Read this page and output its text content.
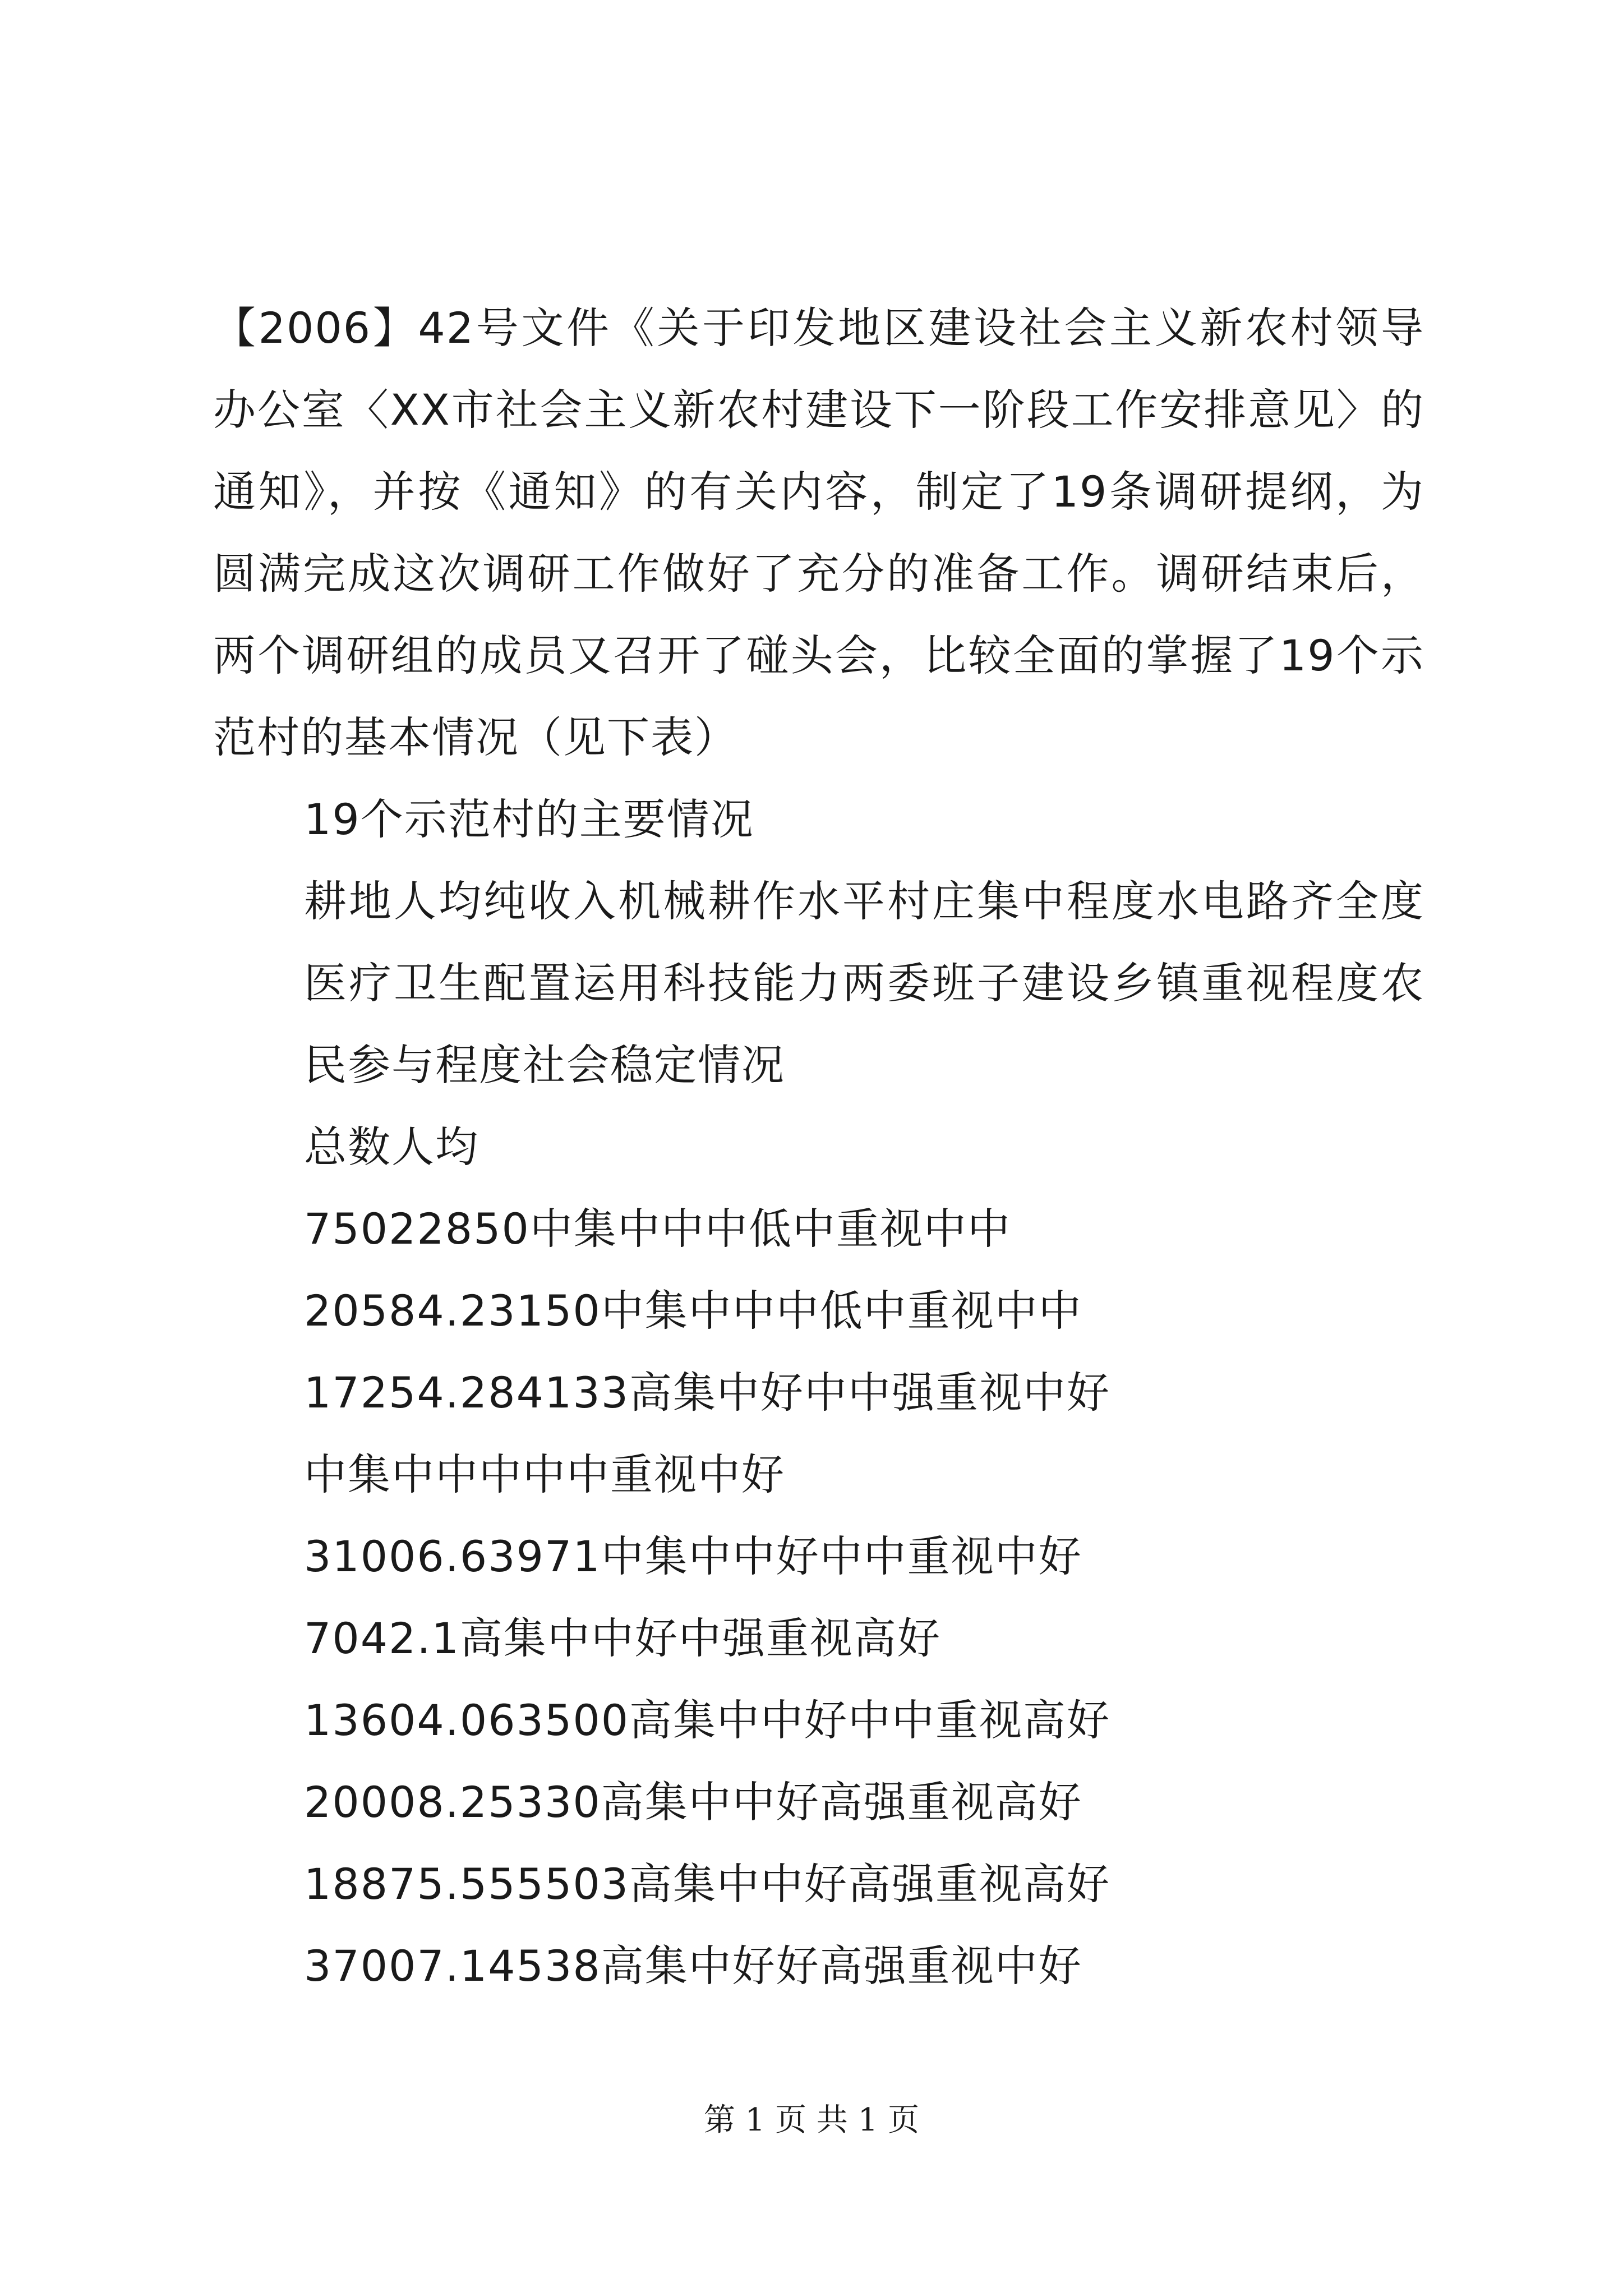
【2006】42号文件《关于印发地区建设社会主义新农村领导办公室〈XX市社会主义新农村建设下一阶段工作安排意见〉的通知》，并按《通知》的有关内容，制定了19条调研提纲，为圆满完成这次调研工作做好了充分的准备工作。调研结束后，两个调研组的成员又召开了碰头会，比较全面的掌握了19个示范村的基本情况（见下表）

19个示范村的主要情况

耕地人均纯收入机械耕作水平村庄集中程度水电路齐全度医疗卫生配置运用科技能力两委班子建设乡镇重视程度农民参与程度社会稳定情况

总数人均

75022850中集中中中低中重视中中

20584.23150中集中中中低中重视中中

17254.284133高集中好中中强重视中好

中集中中中中中重视中好

31006.63971中集中中好中中重视中好

7042.1高集中中好中强重视高好

13604.063500高集中中好中中重视高好

20008.25330高集中中好高强重视高好

18875.555503高集中中好高强重视高好

37007.14538高集中好好高强重视中好

第 1 页 共 1 页
